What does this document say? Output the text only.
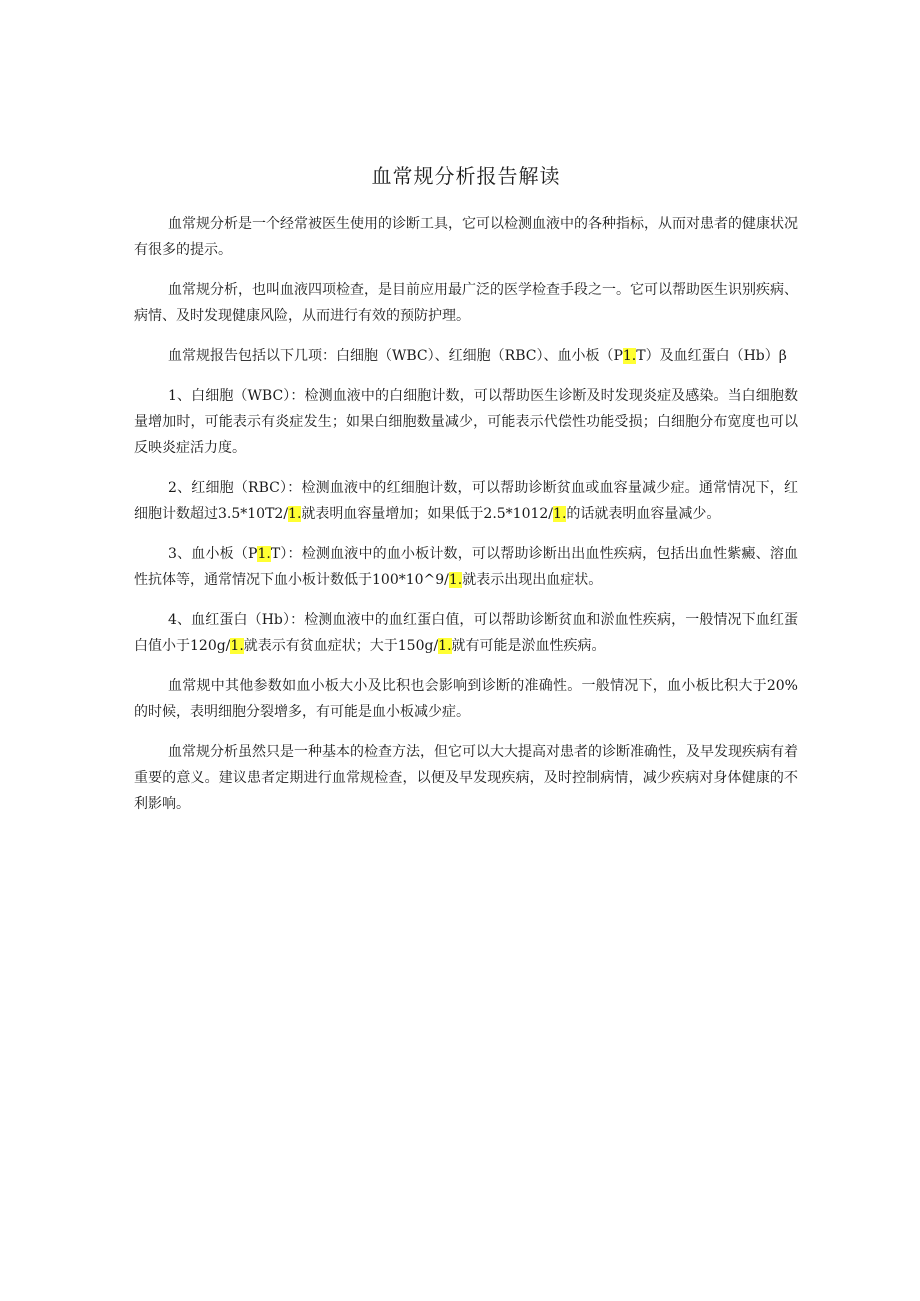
血常规分析报告解读

血常规分析是一个经常被医生使用的诊断工具，它可以检测血液中的各种指标，从而对患者的健康状况有很多的提示。

血常规分析，也叫血液四项检查，是目前应用最广泛的医学检查手段之一。它可以帮助医生识别疾病、病情、及时发现健康风险，从而进行有效的预防护理。

血常规报告包括以下几项：白细胞（WBC）、红细胞（RBC）、血小板（P1.T）及血红蛋白（Hb）β

1、白细胞（WBC）：检测血液中的白细胞计数，可以帮助医生诊断及时发现炎症及感染。当白细胞数量增加时，可能表示有炎症发生；如果白细胞数量减少，可能表示代偿性功能受损；白细胞分布宽度也可以反映炎症活力度。

2、红细胞（RBC）：检测血液中的红细胞计数，可以帮助诊断贫血或血容量减少症。通常情况下，红细胞计数超过3.5*10T2/1.就表明血容量增加；如果低于2.5*1012/1.的话就表明血容量减少。

3、血小板（P1.T）：检测血液中的血小板计数，可以帮助诊断出出血性疾病，包括出血性紫癜、溶血性抗体等，通常情况下血小板计数低于100*10^9/1.就表示出现出血症状。

4、血红蛋白（Hb）：检测血液中的血红蛋白值，可以帮助诊断贫血和淤血性疾病，一般情况下血红蛋白值小于120g/1.就表示有贫血症状；大于150g/1.就有可能是淤血性疾病。

血常规中其他参数如血小板大小及比积也会影响到诊断的准确性。一般情况下，血小板比积大于20%的时候，表明细胞分裂增多，有可能是血小板减少症。

血常规分析虽然只是一种基本的检查方法，但它可以大大提高对患者的诊断准确性，及早发现疾病有着重要的意义。建议患者定期进行血常规检查，以便及早发现疾病，及时控制病情，减少疾病对身体健康的不利影响。
